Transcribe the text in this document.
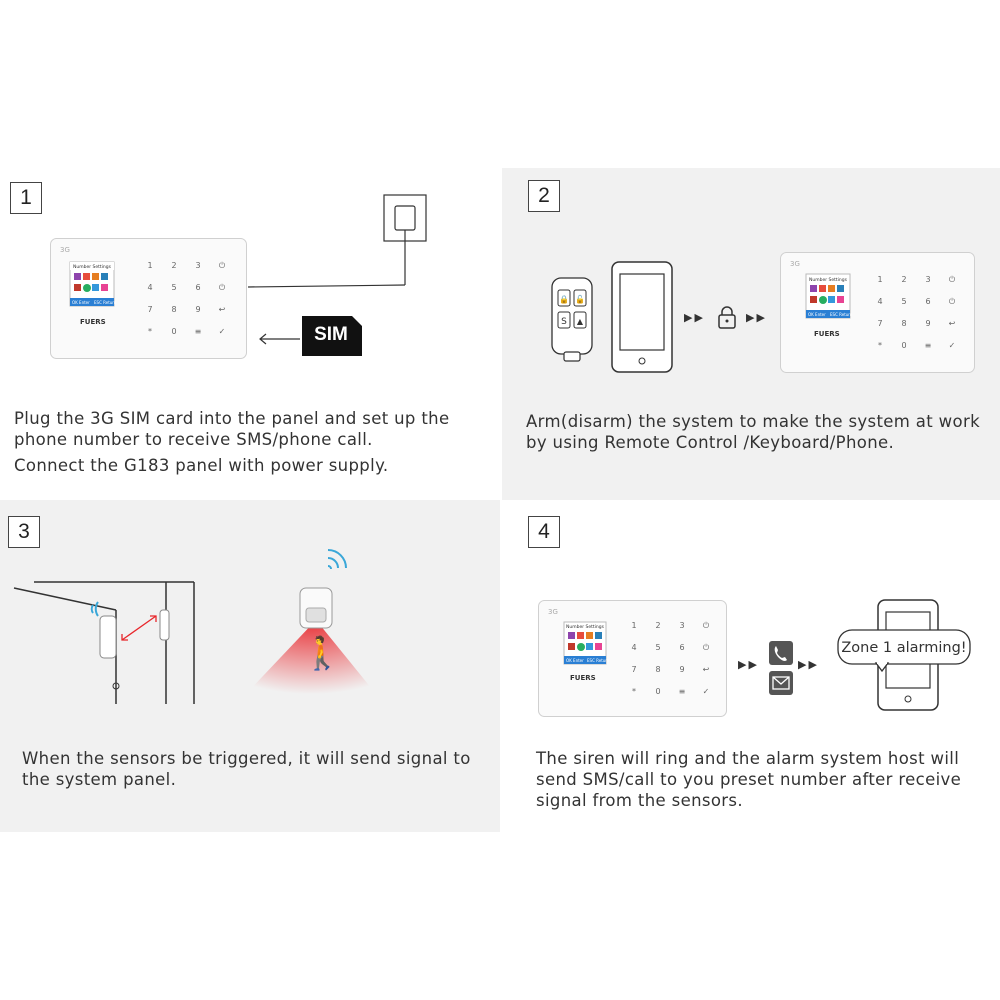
1
3G
Number Settings
OK Enter ESC Return
FUERS
1 2 3 ⏻
4 5 6 ⏻
7 8 9 ↩
* 0 ≡ ✓	SIM

Plug the 3G SIM card into the panel and set up the

phone number to receive SMS/phone call.

Connect the G183 panel with power supply.

2
🔒 🔓
S ▲	▶▶	▶▶
3G
Number Settings
OK Enter ESC Return
FUERS
1 2 3 ⏻
4 5 6 ⏻
7 8 9 ↩
* 0 ≡ ✓

Arm(disarm) the system to make the system at work

by using Remote Control /Keyboard/Phone.

3
🚶

When the sensors be triggered, it will send signal to

the system panel.

4
3G
Number Settings
OK Enter ESC Return
FUERS
1 2 3 ⏻
4 5 6 ⏻
7 8 9 ↩
* 0 ≡ ✓
▶▶	▶▶
Zone 1 alarming!

The siren will ring and the alarm system host will

send SMS/call to you preset number after receive

signal from the sensors.
